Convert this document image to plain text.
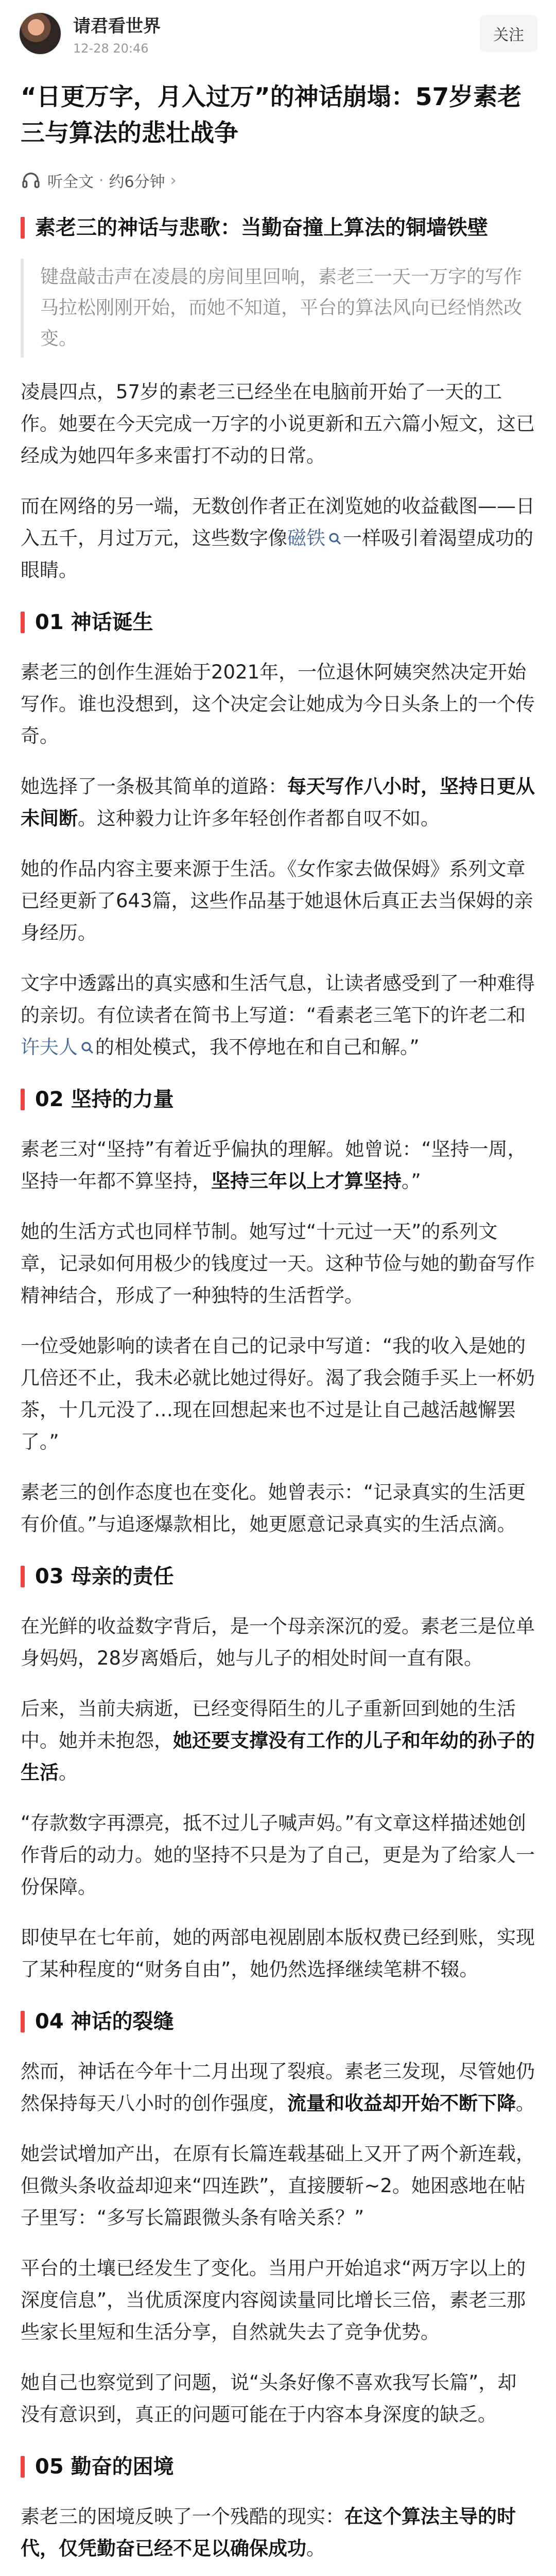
请君看世界
12-28 20:46
关注
“日更万字，月入过万”的神话崩塌：57岁素老三与算法的悲壮战争
听全文 · 约6分钟 ›
素老三的神话与悲歌：当勤奋撞上算法的铜墙铁壁
键盘敲击声在凌晨的房间里回响，素老三一天一万字的写作马拉松刚刚开始，而她不知道，平台的算法风向已经悄然改变。
凌晨四点，57岁的素老三已经坐在电脑前开始了一天的工作。她要在今天完成一万字的小说更新和五六篇小短文，这已经成为她四年多来雷打不动的日常。
而在网络的另一端，无数创作者正在浏览她的收益截图——日入五千，月过万元，这些数字像磁铁 一样吸引着渴望成功的眼睛。
01 神话诞生
素老三的创作生涯始于2021年，一位退休阿姨突然决定开始写作。谁也没想到，这个决定会让她成为今日头条上的一个传奇。
她选择了一条极其简单的道路：每天写作八小时，坚持日更从未间断。这种毅力让许多年轻创作者都自叹不如。
她的作品内容主要来源于生活。《女作家去做保姆》系列文章已经更新了643篇，这些作品基于她退休后真正去当保姆的亲身经历。
文字中透露出的真实感和生活气息，让读者感受到了一种难得的亲切。有位读者在简书上写道：“看素老三笔下的许老二和许夫人 的相处模式，我不停地在和自己和解。”
02 坚持的力量
素老三对“坚持”有着近乎偏执的理解。她曾说：“坚持一周，坚持一年都不算坚持，坚持三年以上才算坚持。”
她的生活方式也同样节制。她写过“十元过一天”的系列文章，记录如何用极少的钱度过一天。这种节俭与她的勤奋写作精神结合，形成了一种独特的生活哲学。
一位受她影响的读者在自己的记录中写道：“我的收入是她的几倍还不止，我未必就比她过得好。渴了我会随手买上一杯奶茶，十几元没了…现在回想起来也不过是让自己越活越懈罢了。”
素老三的创作态度也在变化。她曾表示：“记录真实的生活更有价值。”与追逐爆款相比，她更愿意记录真实的生活点滴。
03 母亲的责任
在光鲜的收益数字背后，是一个母亲深沉的爱。素老三是位单身妈妈，28岁离婚后，她与儿子的相处时间一直有限。
后来，当前夫病逝，已经变得陌生的儿子重新回到她的生活中。她并未抱怨，她还要支撑没有工作的儿子和年幼的孙子的生活。
“存款数字再漂亮，抵不过儿子喊声妈。”有文章这样描述她创作背后的动力。她的坚持不只是为了自己，更是为了给家人一份保障。
即使早在七年前，她的两部电视剧剧本版权费已经到账，实现了某种程度的“财务自由”，她仍然选择继续笔耕不辍。
04 神话的裂缝
然而，神话在今年十二月出现了裂痕。素老三发现，尽管她仍然保持每天八小时的创作强度，流量和收益却开始不断下降。
她尝试增加产出，在原有长篇连载基础上又开了两个新连载，但微头条收益却迎来“四连跌”，直接腰斩~2。她困惑地在帖子里写：“多写长篇跟微头条有啥关系？”
平台的土壤已经发生了变化。当用户开始追求“两万字以上的深度信息”，当优质深度内容阅读量同比增长三倍，素老三那些家长里短和生活分享，自然就失去了竞争优势。
她自己也察觉到了问题，说“头条好像不喜欢我写长篇”，却没有意识到，真正的问题可能在于内容本身深度的缺乏。
05 勤奋的困境
素老三的困境反映了一个残酷的现实：在这个算法主导的时代，仅凭勤奋已经不足以确保成功。
